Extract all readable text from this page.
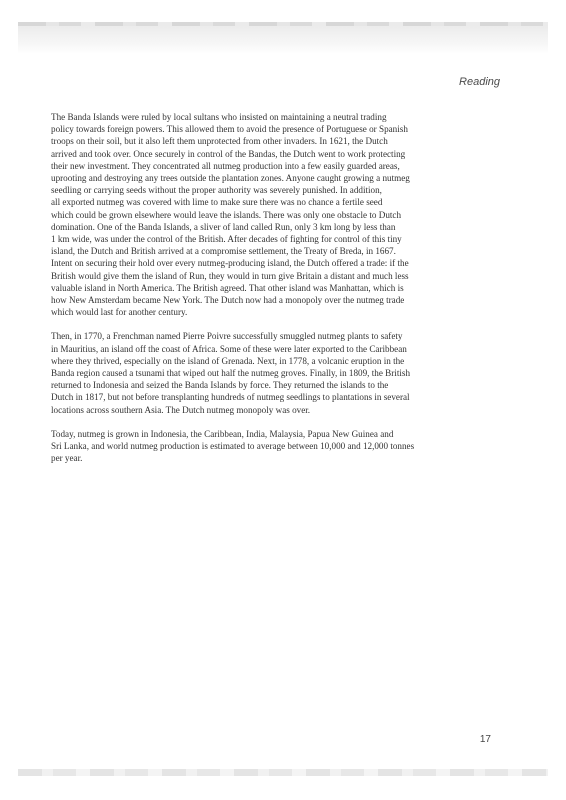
Reading

The Banda Islands were ruled by local sultans who insisted on maintaining a neutral trading
policy towards foreign powers. This allowed them to avoid the presence of Portuguese or Spanish
troops on their soil, but it also left them unprotected from other invaders. In 1621, the Dutch
arrived and took over. Once securely in control of the Bandas, the Dutch went to work protecting
their new investment. They concentrated all nutmeg production into a few easily guarded areas,
uprooting and destroying any trees outside the plantation zones. Anyone caught growing a nutmeg
seedling or carrying seeds without the proper authority was severely punished. In addition,
all exported nutmeg was covered with lime to make sure there was no chance a fertile seed
which could be grown elsewhere would leave the islands. There was only one obstacle to Dutch
domination. One of the Banda Islands, a sliver of land called Run, only 3 km long by less than
1 km wide, was under the control of the British. After decades of fighting for control of this tiny
island, the Dutch and British arrived at a compromise settlement, the Treaty of Breda, in 1667.
Intent on securing their hold over every nutmeg-producing island, the Dutch offered a trade: if the
British would give them the island of Run, they would in turn give Britain a distant and much less
valuable island in North America. The British agreed. That other island was Manhattan, which is
how New Amsterdam became New York. The Dutch now had a monopoly over the nutmeg trade
which would last for another century.

Then, in 1770, a Frenchman named Pierre Poivre successfully smuggled nutmeg plants to safety
in Mauritius, an island off the coast of Africa. Some of these were later exported to the Caribbean
where they thrived, especially on the island of Grenada. Next, in 1778, a volcanic eruption in the
Banda region caused a tsunami that wiped out half the nutmeg groves. Finally, in 1809, the British
returned to Indonesia and seized the Banda Islands by force. They returned the islands to the
Dutch in 1817, but not before transplanting hundreds of nutmeg seedlings to plantations in several
locations across southern Asia. The Dutch nutmeg monopoly was over.

Today, nutmeg is grown in Indonesia, the Caribbean, India, Malaysia, Papua New Guinea and
Sri Lanka, and world nutmeg production is estimated to average between 10,000 and 12,000 tonnes
per year.

17
